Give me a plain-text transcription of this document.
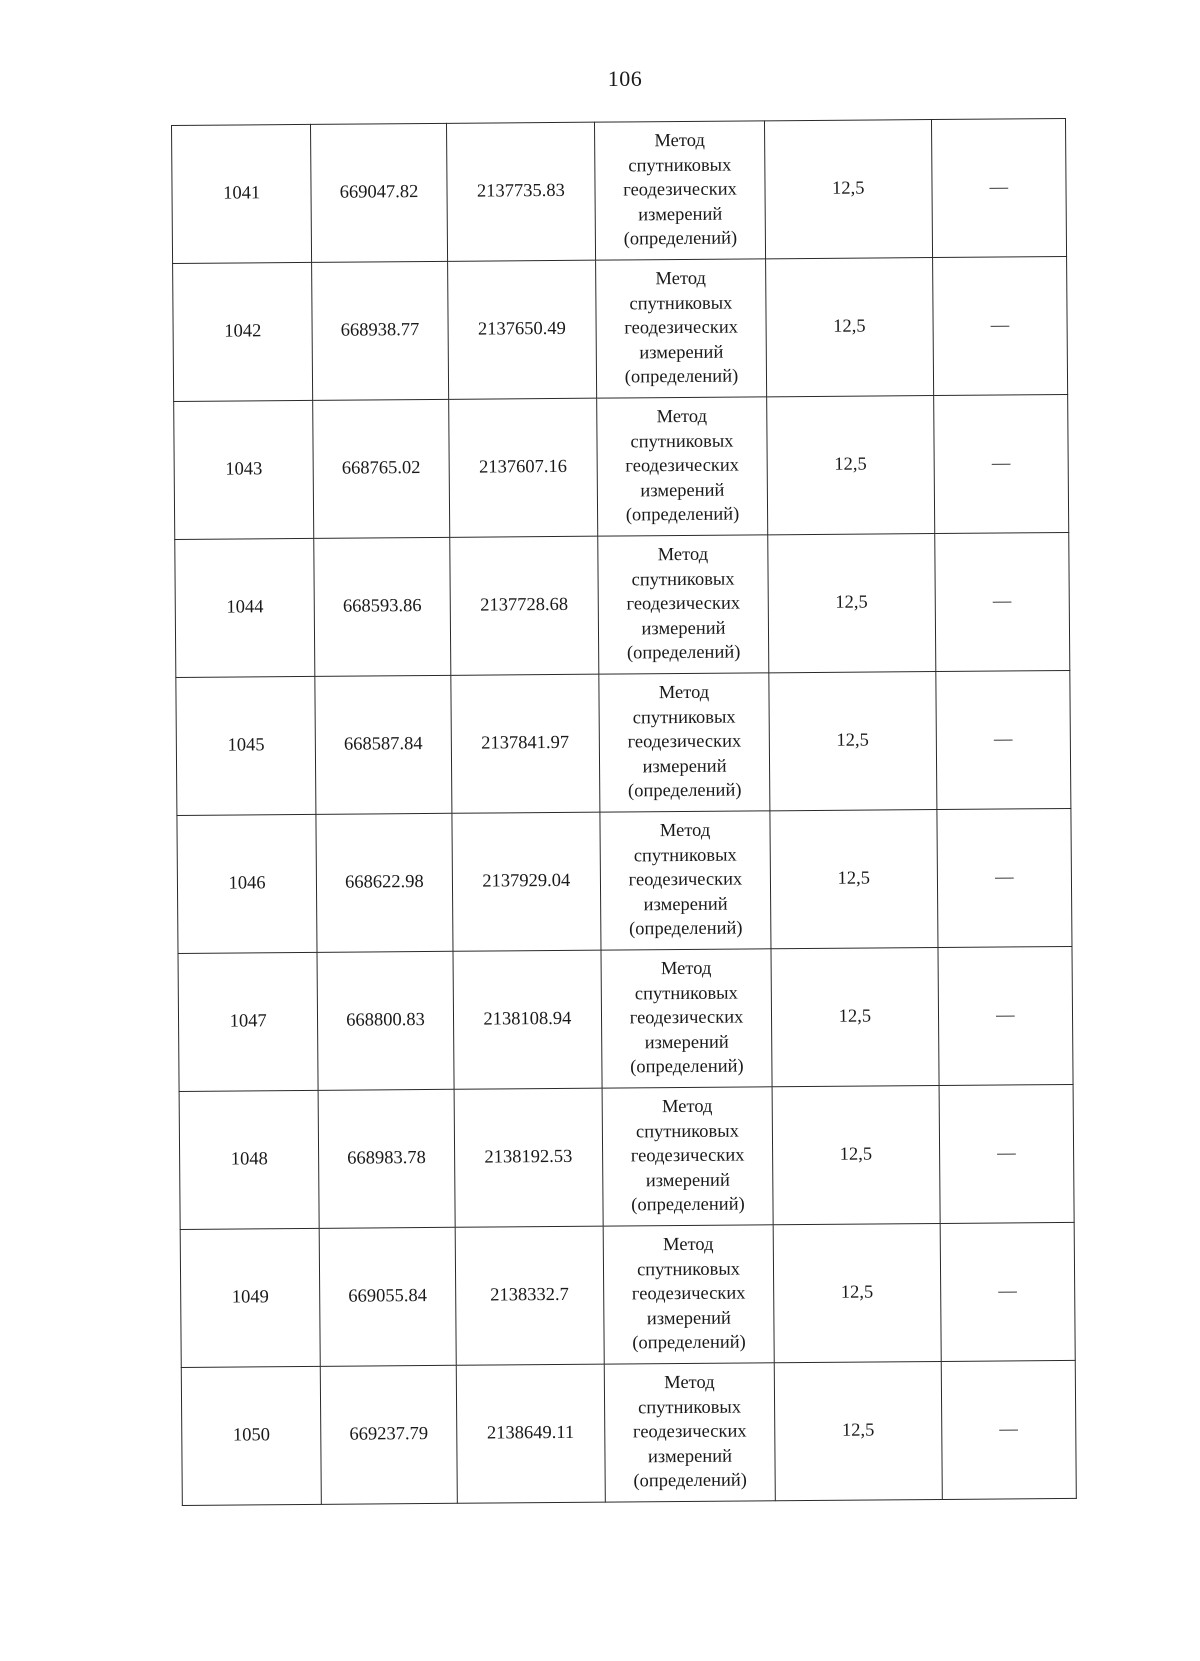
106
1041	669047.82	2137735.83	Метод
спутниковых
геодезических
измерений
(определений)	12,5	—
1042	668938.77	2137650.49	Метод
спутниковых
геодезических
измерений
(определений)	12,5	—
1043	668765.02	2137607.16	Метод
спутниковых
геодезических
измерений
(определений)	12,5	—
1044	668593.86	2137728.68	Метод
спутниковых
геодезических
измерений
(определений)	12,5	—
1045	668587.84	2137841.97	Метод
спутниковых
геодезических
измерений
(определений)	12,5	—
1046	668622.98	2137929.04	Метод
спутниковых
геодезических
измерений
(определений)	12,5	—
1047	668800.83	2138108.94	Метод
спутниковых
геодезических
измерений
(определений)	12,5	—
1048	668983.78	2138192.53	Метод
спутниковых
геодезических
измерений
(определений)	12,5	—
1049	669055.84	2138332.7	Метод
спутниковых
геодезических
измерений
(определений)	12,5	—
1050	669237.79	2138649.11	Метод
спутниковых
геодезических
измерений
(определений)	12,5	—
